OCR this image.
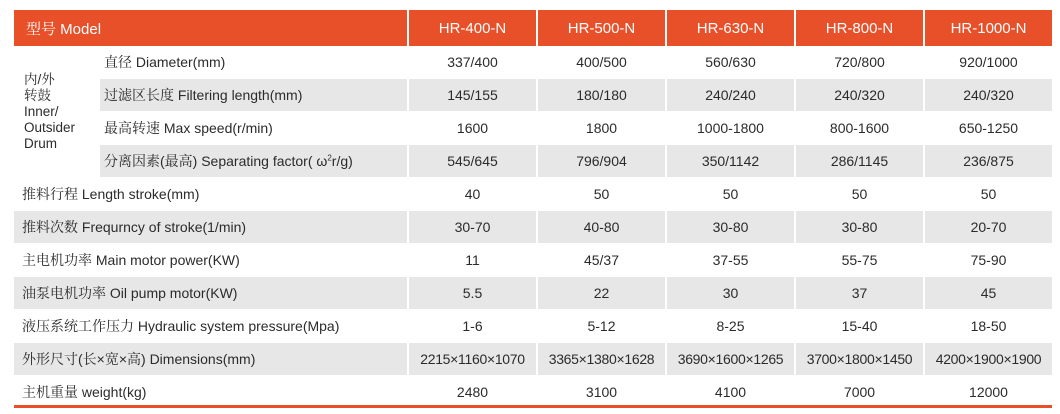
型号 Model		HR-400-N	HR-500-N	HR-630-N	HR-800-N	HR-1000-N

内/外
转鼓
Inner/
Outsider
Drum	直径 Diameter(mm)	337/400	400/500	560/630	720/800	920/1000
	过滤区长度 Filtering length(mm)	145/155	180/180	240/240	240/320	240/320
	最高转速 Max speed(r/min)	1600	1800	1000-1800	800-1600	650-1250
	分离因素(最高) Separating factor( $\omega^2r/g$)	545/645	796/904	350/1142	286/1145	236/875
推料行程 Length stroke(mm)		40	50	50	50	50
推料次数 Frequrncy of stroke(1/min)		30-70	40-80	30-80	30-80	20-70
主电机功率 Main motor power(KW)		11	45/37	37-55	55-75	75-90
油泵电机功率 Oil pump motor(KW)		5.5	22	30	37	45
液压系统工作压力 Hydraulic system pressure(Mpa)		1-6	5-12	8-25	15-40	18-50
外形尺寸(长×宽×高) Dimensions(mm)		2215×1160×1070	3365×1380×1628	3690×1600×1265	3700×1800×1450	4200×1900×1900
主机重量 weight(kg)		2480	3100	4100	7000	12000
